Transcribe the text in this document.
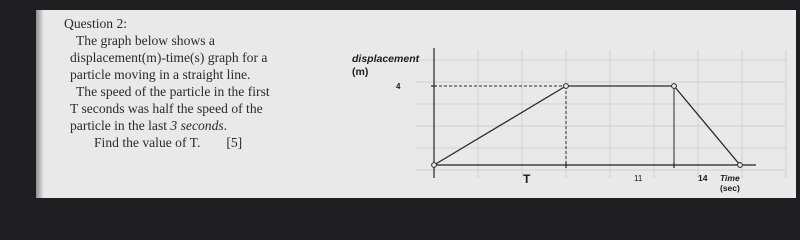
Question 2:
The graph below shows a
displacement(m)-time(s) graph for a
particle moving in a straight line.
The speed of the particle in the first
T seconds was half the speed of the
particle in the last 3 seconds.
Find the value of T. [5]
displacement
(m)
4
T	11	14 Time
(sec)
